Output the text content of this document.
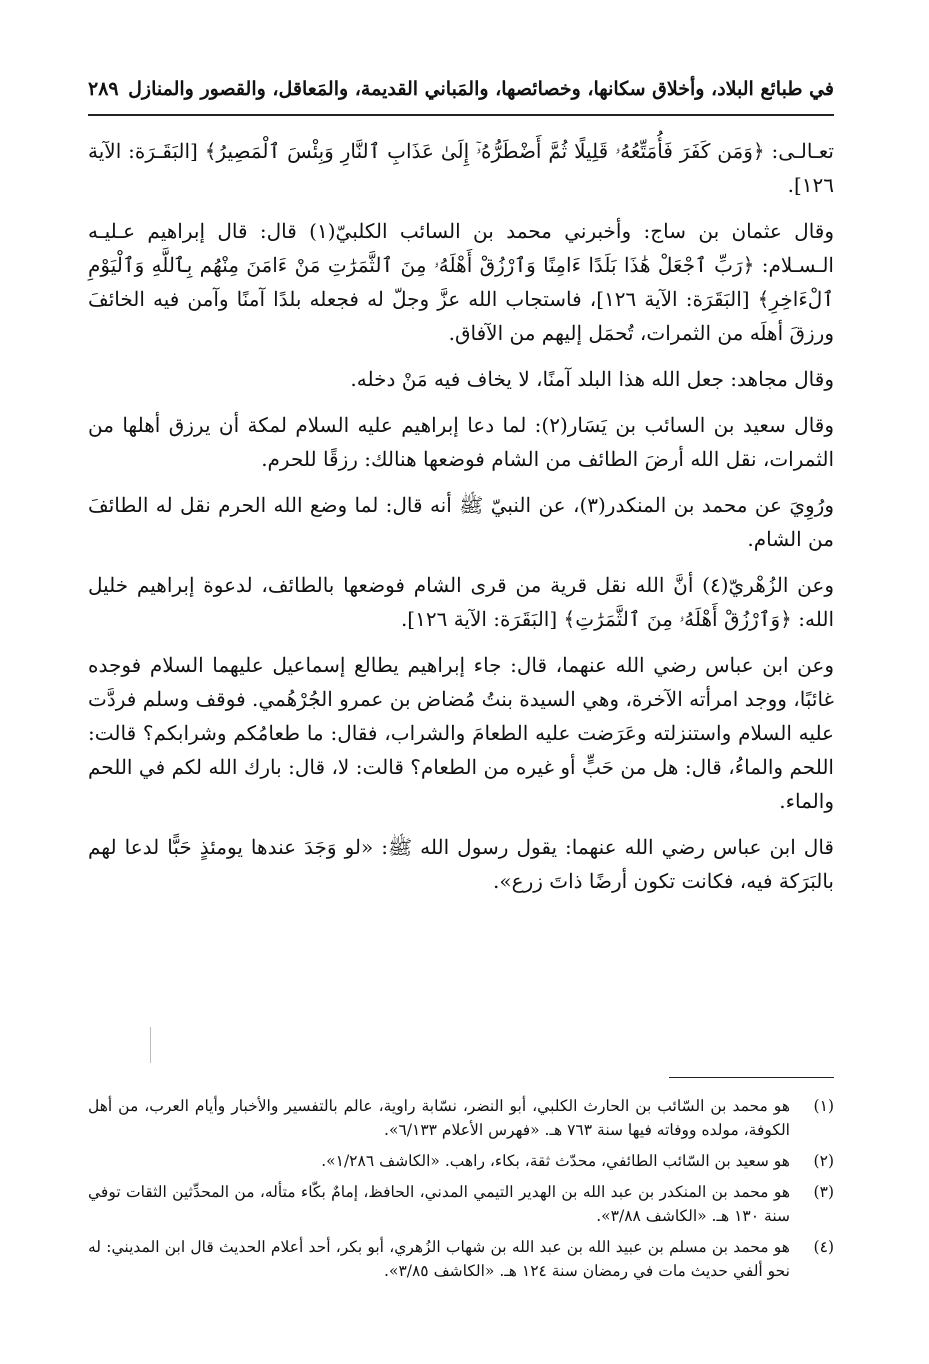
في طبائع البلاد، وأخلاق سكانها، وخصائصها، والمَباني القديمة، والمَعاقل، والقصور والمنازل
٢٨٩

تعـالـى: ﴿وَمَن كَفَرَ فَأُمَتِّعُهُۥ قَلِيلًا ثُمَّ أَضْطَرُّهُۥٓ إِلَىٰ عَذَابِ ٱلنَّارِ وَبِئْسَ ٱلْمَصِيرُ﴾ [البَقَـرَة: الآية ١٢٦].

وقال عثمان بن ساج: وأخبرني محمد بن السائب الكلبيّ(١) قال: قال إبراهيم عـليـه الـسـلام: ﴿رَبِّ ٱجْعَلْ هَٰذَا بَلَدًا ءَامِنًا وَٱرْزُقْ أَهْلَهُۥ مِنَ ٱلثَّمَرَٰتِ مَنْ ءَامَنَ مِنْهُم بِٱللَّهِ وَٱلْيَوْمِ ٱلْءَاخِرِ﴾ [البَقَرَة: الآية ١٢٦]، فاستجاب الله عزَّ وجلّ له فجعله بلدًا آمنًا وآمن فيه الخائفَ ورزقَ أهلَه من الثمرات، تُحمَل إليهم من الآفاق.

وقال مجاهد: جعل الله هذا البلد آمنًا، لا يخاف فيه مَنْ دخله.

وقال سعيد بن السائب بن يَسَار(٢): لما دعا إبراهيم عليه السلام لمكة أن يرزق أهلها من الثمرات، نقل الله أرضَ الطائف من الشام فوضعها هنالك: رزقًا للحرم.

ورُوِيَ عن محمد بن المنكدر(٣)، عن النبيّ ﷺ أنه قال: لما وضع الله الحرم نقل له الطائفَ من الشام.

وعن الزُهْريّ(٤) أنَّ الله نقل قرية من قرى الشام فوضعها بالطائف، لدعوة إبراهيم خليل الله: ﴿وَٱرْزُقْ أَهْلَهُۥ مِنَ ٱلثَّمَرَٰتِ﴾ [البَقَرَة: الآية ١٢٦].

وعن ابن عباس رضي الله عنهما، قال: جاء إبراهيم يطالع إسماعيل عليهما السلام فوجده غائبًا، ووجد امرأته الآخرة، وهي السيدة بنتُ مُضاض بن عمرو الجُرْهُمي. فوقف وسلم فردَّت عليه السلام واستنزلته وعَرَضت عليه الطعامَ والشراب، فقال: ما طعامُكم وشرابكم؟ قالت: اللحم والماءُ، قال: هل من حَبٍّ أو غيره من الطعام؟ قالت: لا، قال: بارك الله لكم في اللحم والماء.

قال ابن عباس رضي الله عنهما: يقول رسول الله ﷺ: «لو وَجَدَ عندها يومئذٍ حَبًّا لدعا لهم بالبَرَكة فيه، فكانت تكون أرضًا ذاتَ زرع».

(١)
هو محمد بن السّائب بن الحارث الكلبي، أبو النضر، نسّابة راوية، عالم بالتفسير والأخبار وأيام العرب، من أهل الكوفة، مولده ووفاته فيها سنة ٧٦٣ هـ. «فهرس الأعلام ٦/١٣٣».
(٢)
هو سعيد بن السّائب الطائفي، محدّث ثقة، بكاء، راهب. «الكاشف ١/٢٨٦».
(٣)
هو محمد بن المنكدر بن عبد الله بن الهدير التيمي المدني، الحافظ، إمامٌ بكّاء متأله، من المحدِّثين الثقات توفي سنة ١٣٠ هـ. «الكاشف ٣/٨٨».
(٤)
هو محمد بن مسلم بن عبيد الله بن عبد الله بن شهاب الزُهري، أبو بكر، أحد أعلام الحديث قال ابن المديني: له نحو ألفي حديث مات في رمضان سنة ١٢٤ هـ. «الكاشف ٣/٨٥».
